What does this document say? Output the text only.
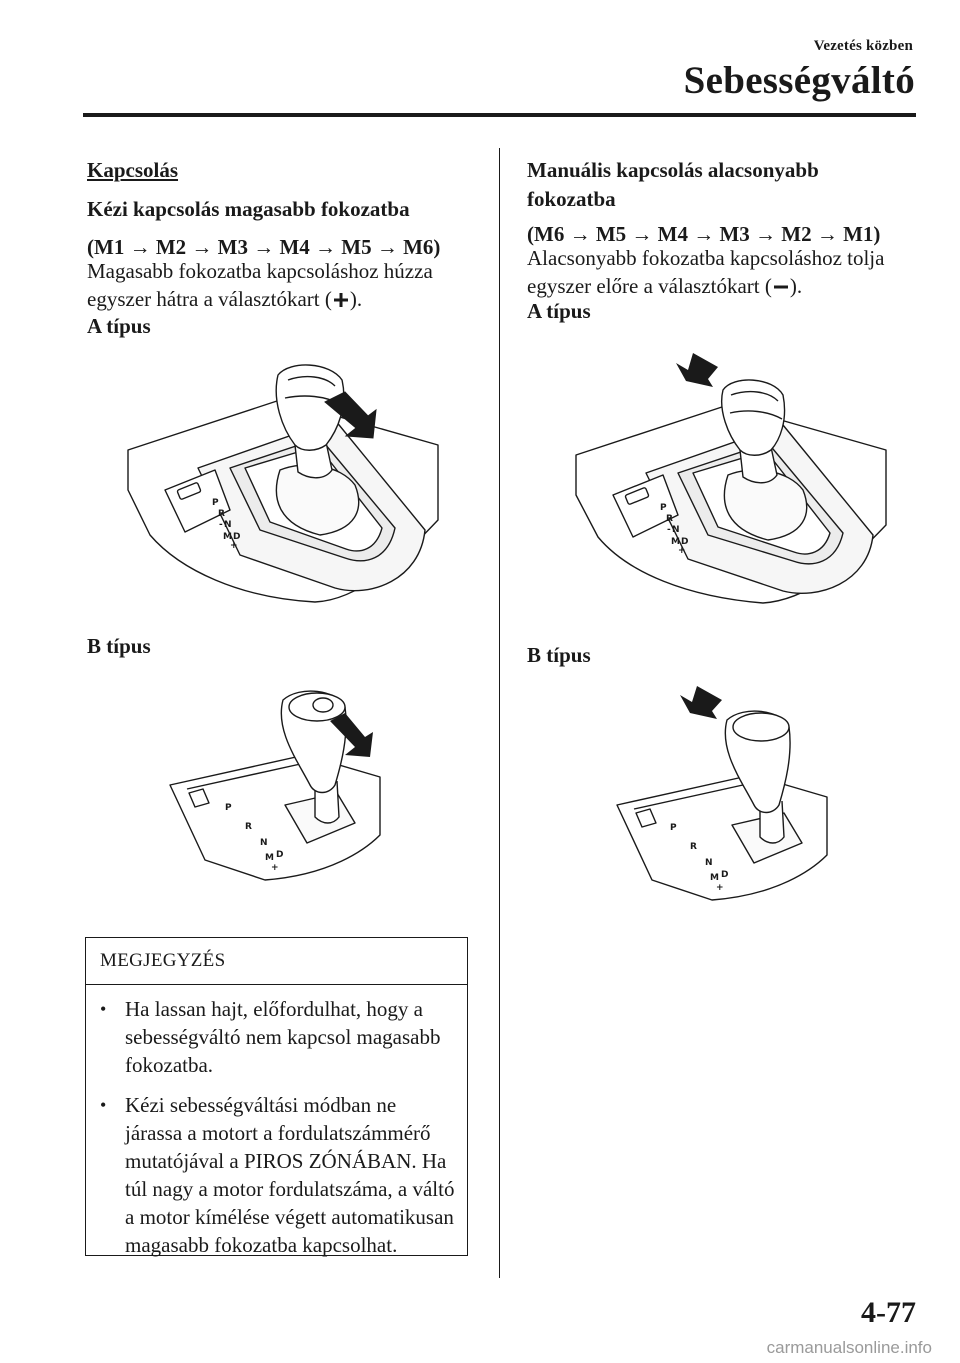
Vezetés közben
Sebességváltó
Kapcsolás
Kézi kapcsolás magasabb fokozatba
(M1 → M2 → M3 → M4 → M5 → M6)
Magasabb fokozatba kapcsoláshoz húzza egyszer hátra a választókart ( ).
A típus
P
R
N
M D
+
-
B típus
P
R
N
M D
+
MEGJEGYZÉS
• Ha lassan hajt, előfordulhat, hogy a sebességváltó nem kapcsol magasabb fokozatba.
• Kézi sebességváltási módban ne járassa a motort a fordulatszámmérő mutatójával a PIROS ZÓNÁBAN. Ha túl nagy a motor fordulatszáma, a váltó a motor kímélése végett automatikusan magasabb fokozatba kapcsolhat.
Manuális kapcsolás alacsonyabb fokozatba
(M6 → M5 → M4 → M3 → M2 → M1)
Alacsonyabb fokozatba kapcsoláshoz tolja egyszer előre a választókart ( ).
A típus
P
R
N
M D
+
-
B típus
P
R
N
M D
+
4-77
carmanualsonline.info
